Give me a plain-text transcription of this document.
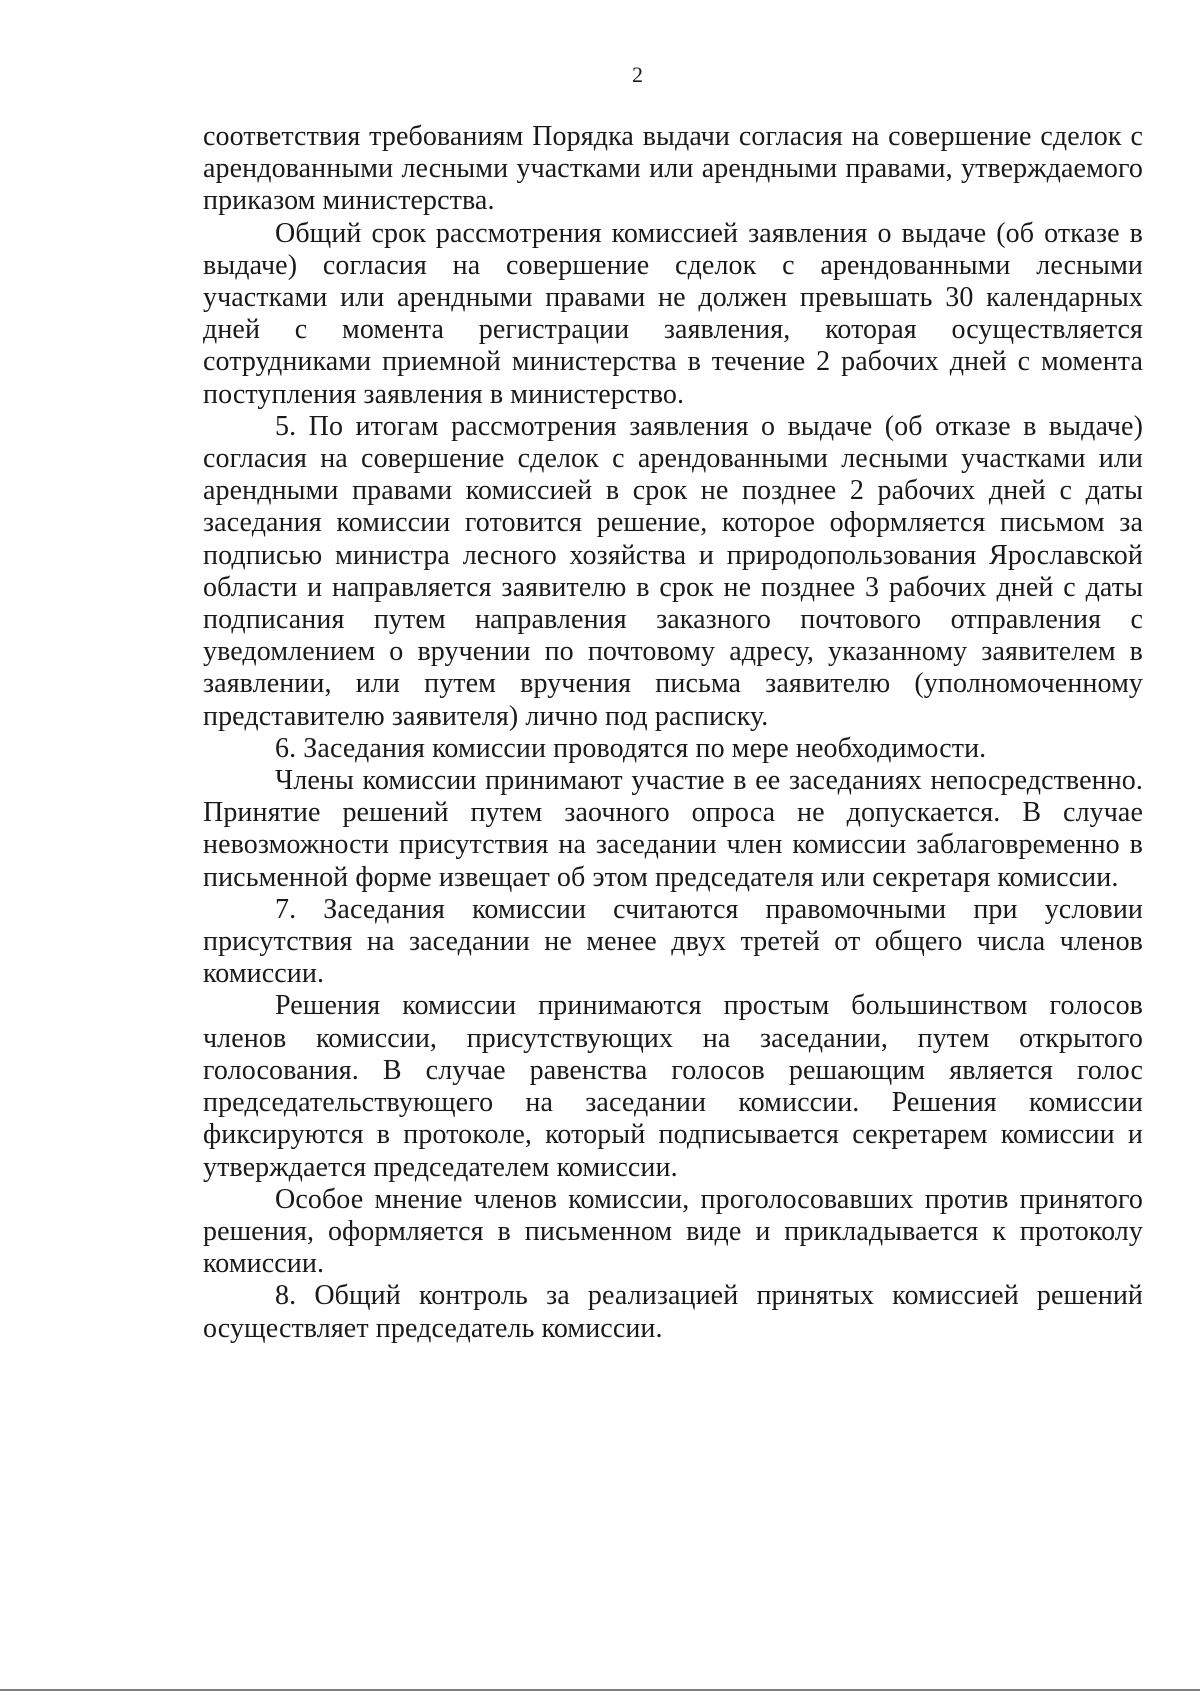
2

соответствия требованиям Порядка выдачи согласия на совершение сделок с арендованными лесными участками или арендными правами, утверждаемого приказом министерства.

Общий срок рассмотрения комиссией заявления о выдаче (об отказе в выдаче) согласия на совершение сделок с арендованными лесными участками или арендными правами не должен превышать 30 календарных дней с момента регистрации заявления, которая осуществляется сотрудниками приемной министерства в течение 2 рабочих дней с момента поступления заявления в министерство.

5. По итогам рассмотрения заявления о выдаче (об отказе в выдаче) согласия на совершение сделок с арендованными лесными участками или арендными правами комиссией в срок не позднее 2 рабочих дней с даты заседания комиссии готовится решение, которое оформляется письмом за подписью министра лесного хозяйства и природопользования Ярославской области и направляется заявителю в срок не позднее 3 рабочих дней с даты подписания путем направления заказного почтового отправления с уведомлением о вручении по почтовому адресу, указанному заявителем в заявлении, или путем вручения письма заявителю (уполномоченному представителю заявителя) лично под расписку.

6. Заседания комиссии проводятся по мере необходимости.

Члены комиссии принимают участие в ее заседаниях непосредственно. Принятие решений путем заочного опроса не допускается. В случае невозможности присутствия на заседании член комиссии заблаговременно в письменной форме извещает об этом председателя или секретаря комиссии.

7. Заседания комиссии считаются правомочными при условии присутствия на заседании не менее двух третей от общего числа членов комиссии.

Решения комиссии принимаются простым большинством голосов членов комиссии, присутствующих на заседании, путем открытого голосования. В случае равенства голосов решающим является голос председательствующего на заседании комиссии. Решения комиссии фиксируются в протоколе, который подписывается секретарем комиссии и утверждается председателем комиссии.

Особое мнение членов комиссии, проголосовавших против принятого решения, оформляется в письменном виде и прикладывается к протоколу комиссии.

8. Общий контроль за реализацией принятых комиссией решений осуществляет председатель комиссии.
